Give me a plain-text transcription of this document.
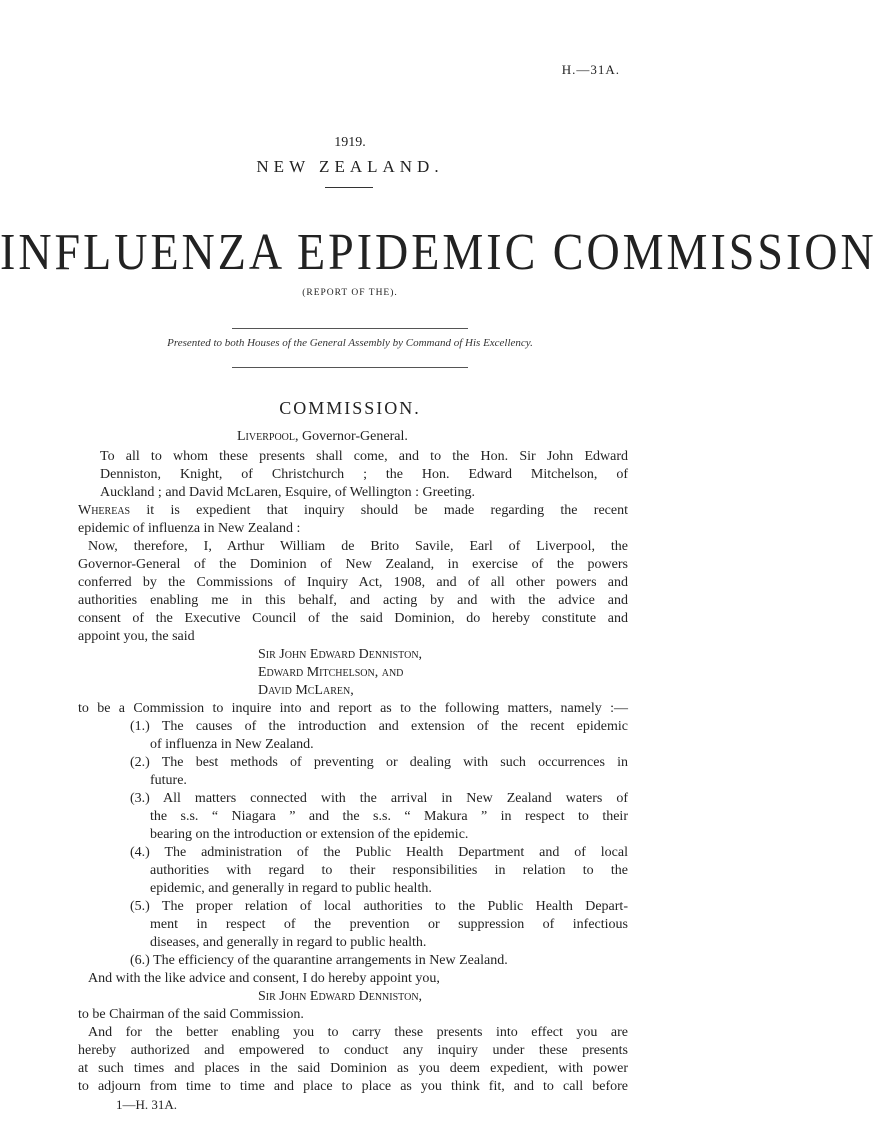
H.—31A.
1919.
NEW ZEALAND.
INFLUENZA EPIDEMIC COMMISSION
(REPORT OF THE).
Presented to both Houses of the General Assembly by Command of His Excellency.
COMMISSION.
Liverpool, Governor-General.
To all to whom these presents shall come, and to the Hon. Sir John Edward
Denniston, Knight, of Christchurch ; the Hon. Edward Mitchelson, of
Auckland ; and David McLaren, Esquire, of Wellington : Greeting.
Whereas it is expedient that inquiry should be made regarding the recent
epidemic of influenza in New Zealand :
Now, therefore, I, Arthur William de Brito Savile, Earl of Liverpool, the
Governor-General of the Dominion of New Zealand, in exercise of the powers
conferred by the Commissions of Inquiry Act, 1908, and of all other powers and
authorities enabling me in this behalf, and acting by and with the advice and
consent of the Executive Council of the said Dominion, do hereby constitute and
appoint you, the said
Sir John Edward Denniston,
Edward Mitchelson, and
David McLaren,
to be a Commission to inquire into and report as to the following matters, namely :—
(1.) The causes of the introduction and extension of the recent epidemic
of influenza in New Zealand.
(2.) The best methods of preventing or dealing with such occurrences in
future.
(3.) All matters connected with the arrival in New Zealand waters of
the s.s. “ Niagara ” and the s.s. “ Makura ” in respect to their
bearing on the introduction or extension of the epidemic.
(4.) The administration of the Public Health Department and of local
authorities with regard to their responsibilities in relation to the
epidemic, and generally in regard to public health.
(5.) The proper relation of local authorities to the Public Health Depart-
ment in respect of the prevention or suppression of infectious
diseases, and generally in regard to public health.
(6.) The efficiency of the quarantine arrangements in New Zealand.
And with the like advice and consent, I do hereby appoint you,
Sir John Edward Denniston,
to be Chairman of the said Commission.
And for the better enabling you to carry these presents into effect you are
hereby authorized and empowered to conduct any inquiry under these presents
at such times and places in the said Dominion as you deem expedient, with power
to adjourn from time to time and place to place as you think fit, and to call before
1—H. 31A.
